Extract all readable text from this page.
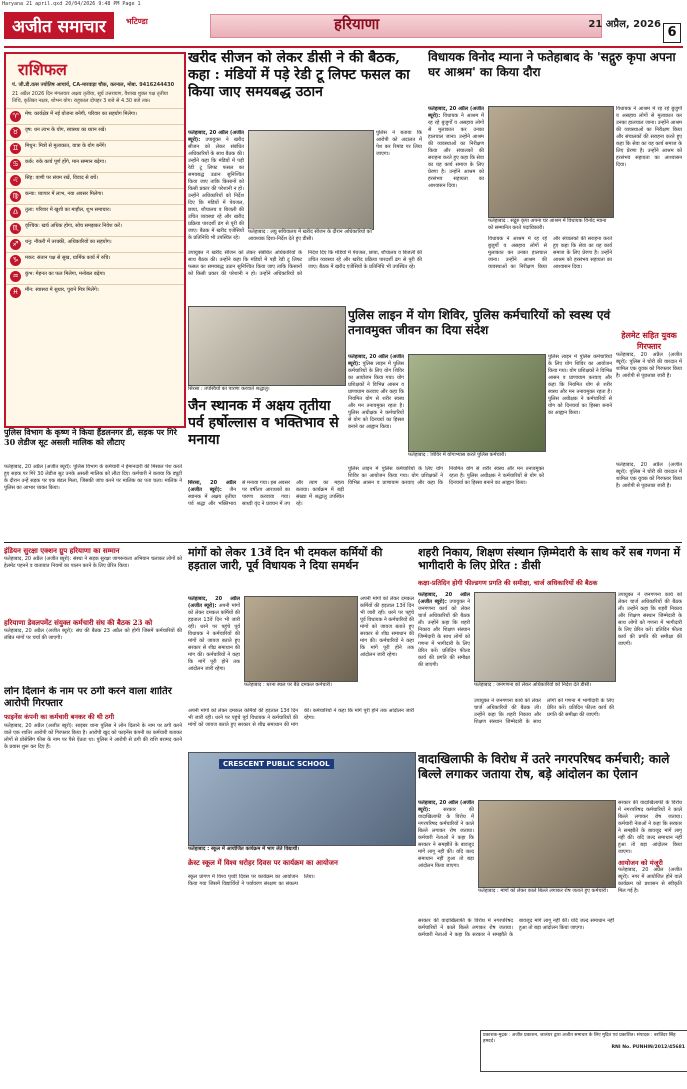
Haryana 21 april.qxd 20/04/2026 9:48 PM Page 1
अजीत समाचार	भटिण्डा	हरियाणा	21 अप्रैल, 2026
6
राशिफल
पं. जी.डी.वत्स ज्योतिष आचार्य, CA-मारवाड़ा चौक, करनाल, मोबा. 9416244430
21 अप्रैल 2026 दिन मंगलवार अक्षय तृतीया, सूर्य उत्तरायण, वैशाख शुक्ल पक्ष तृतीया तिथि, कृतिका नक्षत्र, शोभन योग। राहुकाल दोपहर 3 बजे से 4.30 बजे तक।
♈	मेष: कार्यक्षेत्र में नई योजना बनेगी, परिवार का सहयोग मिलेगा।
♉	वृष: धन लाभ के योग, स्वास्थ्य का ध्यान रखें।
♊	मिथुन: मित्रों से मुलाकात, यात्रा के योग बनेंगे।
♋	कर्क: रुके कार्य पूर्ण होंगे, मान सम्मान बढ़ेगा।
♌	सिंह: वाणी पर संयम रखें, विवाद से बचें।
♍	कन्या: व्यापार में लाभ, नया अवसर मिलेगा।
♎	तुला: परिवार में खुशी का माहौल, शुभ समाचार।
♏	वृश्चिक: खर्च अधिक होगा, सोच समझकर निवेश करें।
♐	धनु: नौकरी में तरक्की, अधिकारियों का सहयोग।
♑	मकर: संतान पक्ष से सुख, धार्मिक कार्य में रुचि।
♒	कुंभ: मेहनत का फल मिलेगा, मनोबल बढ़ेगा।
♓	मीन: स्वास्थ्य में सुधार, पुराने मित्र मिलेंगे।
खरीद सीजन को लेकर डीसी ने की बैठक, कहा : मंडियों में पड़े रेडी टू लिफ्ट फसल का किया जाए समयबद्ध उठान
फतेहाबाद, 20 अप्रैल (अजीत ब्यूरो): उपायुक्त ने खरीद सीजन को लेकर संबंधित अधिकारियों के साथ बैठक की। उन्होंने कहा कि मंडियों में पड़ी रेडी टू लिफ्ट फसल का समयबद्ध उठान सुनिश्चित किया जाए ताकि किसानों को किसी प्रकार की परेशानी न हो। उन्होंने अधिकारियों को निर्देश दिए कि मंडियों में पेयजल, छाया, शौचालय व बिजली की उचित व्यवस्था रहे और खरीद प्रक्रिया पारदर्शी ढंग से पूरी की जाए। बैठक में खरीद एजेंसियों के प्रतिनिधि भी उपस्थित रहे।
फतेहाबाद : लघु सचिवालय में खरीद सीजन के दौरान अधिकारियों को आवश्यक दिशा-निर्देश देते हुए डीसी।
उपायुक्त ने खरीद सीजन को लेकर संबंधित अधिकारियों के साथ बैठक की। उन्होंने कहा कि मंडियों में पड़ी रेडी टू लिफ्ट फसल का समयबद्ध उठान सुनिश्चित किया जाए ताकि किसानों को किसी प्रकार की परेशानी न हो। उन्होंने अधिकारियों को निर्देश दिए कि मंडियों में पेयजल, छाया, शौचालय व बिजली की उचित व्यवस्था रहे और खरीद प्रक्रिया पारदर्शी ढंग से पूरी की जाए। बैठक में खरीद एजेंसियों के प्रतिनिधि भी उपस्थित रहे।
पुलिस ने बताया कि आरोपी को अदालत में पेश कर रिमांड पर लिया जाएगा।
विधायक विनोद म्याना ने फतेहाबाद के 'सद्गुरु कृपा अपना घर आश्रम' का किया दौरा
फतेहाबाद, 20 अप्रैल (अजीत ब्यूरो): विधायक ने आश्रम में रह रहे बुजुर्गों व असहाय लोगों से मुलाकात कर उनका हालचाल जाना। उन्होंने आश्रम की व्यवस्थाओं का निरीक्षण किया और संचालकों की सराहना करते हुए कहा कि सेवा का यह कार्य समाज के लिए प्रेरणा है। उन्होंने आश्रम को हरसंभव सहायता का आश्वासन दिया।
फतेहाबाद : सद्गुरु कृपा अपना घर आश्रम में विधायक विनोद म्याना को सम्मानित करते पदाधिकारी।
विधायक ने आश्रम में रह रहे बुजुर्गों व असहाय लोगों से मुलाकात कर उनका हालचाल जाना। उन्होंने आश्रम की व्यवस्थाओं का निरीक्षण किया और संचालकों की सराहना करते हुए कहा कि सेवा का यह कार्य समाज के लिए प्रेरणा है। उन्होंने आश्रम को हरसंभव सहायता का आश्वासन दिया।
विधायक ने आश्रम में रह रहे बुजुर्गों व असहाय लोगों से मुलाकात कर उनका हालचाल जाना। उन्होंने आश्रम की व्यवस्थाओं का निरीक्षण किया और संचालकों की सराहना करते हुए कहा कि सेवा का यह कार्य समाज के लिए प्रेरणा है। उन्होंने आश्रम को हरसंभव सहायता का आश्वासन दिया।
हेलमेट सहित युवक गिरफ्तार
फतेहाबाद, 20 अप्रैल (अजीत ब्यूरो): पुलिस ने चोरी की वारदात में शामिल एक युवक को गिरफ्तार किया है। आरोपी से पूछताछ जारी है।
पुलिस लाइन में योग शिविर, पुलिस कर्मचारियों को स्वस्थ एवं तनावमुक्त जीवन का दिया संदेश
फतेहाबाद, 20 अप्रैल (अजीत ब्यूरो): पुलिस लाइन में पुलिस कर्मचारियों के लिए योग शिविर का आयोजन किया गया। योग प्रशिक्षकों ने विभिन्न आसन व प्राणायाम करवाए और कहा कि नियमित योग से शरीर स्वस्थ और मन तनावमुक्त रहता है। पुलिस अधीक्षक ने कर्मचारियों से योग को दिनचर्या का हिस्सा बनाने का आह्वान किया।
फतेहाबाद : शिविर में योगाभ्यास करते पुलिस कर्मचारी।
पुलिस लाइन में पुलिस कर्मचारियों के लिए योग शिविर का आयोजन किया गया। योग प्रशिक्षकों ने विभिन्न आसन व प्राणायाम करवाए और कहा कि नियमित योग से शरीर स्वस्थ और मन तनावमुक्त रहता है। पुलिस अधीक्षक ने कर्मचारियों से योग को दिनचर्या का हिस्सा बनाने का आह्वान किया।
पुलिस लाइन में पुलिस कर्मचारियों के लिए योग शिविर का आयोजन किया गया। योग प्रशिक्षकों ने विभिन्न आसन व प्राणायाम करवाए और कहा कि नियमित योग से शरीर स्वस्थ और मन तनावमुक्त रहता है। पुलिस अधीक्षक ने कर्मचारियों से योग को दिनचर्या का हिस्सा बनाने का आह्वान किया।
फतेहाबाद, 20 अप्रैल (अजीत ब्यूरो): पुलिस ने चोरी की वारदात में शामिल एक युवक को गिरफ्तार किया है। आरोपी से पूछताछ जारी है।
सिरसा : तपस्वियों का पारणा करवाते श्रद्धालु।
जैन स्थानक में अक्षय तृतीया पर्व हर्षोल्लास व भक्तिभाव से मनाया
सिरसा, 20 अप्रैल (अजीत ब्यूरो): जैन स्थानक में अक्षय तृतीया पर्व श्रद्धा और भक्तिभाव से मनाया गया। इस अवसर पर वर्षीतप आराधकों का पारणा करवाया गया। साध्वी वृंद ने प्रवचन में तप और त्याग का महत्व बताया। कार्यक्रम में बड़ी संख्या में श्रद्धालु उपस्थित रहे।
पुलिस विभाग के कृष्ण ने किया हैंडलनगर डी, सड़क पर गिरे 30 लेडीज सूट असली मालिक को लौटाए
फतेहाबाद, 20 अप्रैल (अजीत ब्यूरो): पुलिस विभाग के कर्मचारी ने ईमानदारी की मिसाल पेश करते हुए सड़क पर गिरे 30 लेडीज सूट उनके असली मालिक को लौटा दिए। कर्मचारी ने बताया कि ड्यूटी के दौरान उन्हें सड़क पर एक बंडल मिला, जिसकी जांच करने पर मालिक का पता चला। मालिक ने पुलिस का आभार व्यक्त किया।
इंडियन सुरक्षा एक्शन ग्रुप हरियाणा का सम्मान
फतेहाबाद, 20 अप्रैल (अजीत ब्यूरो): संस्था ने सड़क सुरक्षा जागरूकता अभियान चलाकर लोगों को हेलमेट पहनने व यातायात नियमों का पालन करने के लिए प्रेरित किया।
हरियाणा डेवलपमेंट संयुक्त कर्मचारी संघ की बैठक 23 को
फतेहाबाद, 20 अप्रैल (अजीत ब्यूरो): संघ की बैठक 23 अप्रैल को होगी जिसमें कर्मचारियों की लंबित मांगों पर चर्चा की जाएगी।
लोन दिलाने के नाम पर ठगी करने वाला शातिर आरोपी गिरफ्तार
फाइनेंस कंपनी का कर्मचारी बनकर की थी ठगी
फतेहाबाद, 20 अप्रैल (अजीत ब्यूरो): साइबर थाना पुलिस ने लोन दिलाने के नाम पर ठगी करने वाले एक शातिर आरोपी को गिरफ्तार किया है। आरोपी खुद को फाइनेंस कंपनी का कर्मचारी बताकर लोगों से प्रोसेसिंग फीस के नाम पर पैसे ऐंठता था। पुलिस ने आरोपी से ठगी की राशि बरामद करने के प्रयास शुरू कर दिए हैं।
मांगों को लेकर 13वें दिन भी दमकल कर्मियों की हड़ताल जारी, पूर्व विधायक ने दिया समर्थन
फतेहाबाद, 20 अप्रैल (अजीत ब्यूरो): अपनी मांगों को लेकर दमकल कर्मियों की हड़ताल 13वें दिन भी जारी रही। धरने पर पहुंचे पूर्व विधायक ने कर्मचारियों की मांगों को जायज बताते हुए सरकार से शीघ्र समाधान की मांग की। कर्मचारियों ने कहा कि मांगें पूरी होने तक आंदोलन जारी रहेगा।
फतेहाबाद : धरना स्थल पर बैठे दमकल कर्मचारी।
अपनी मांगों को लेकर दमकल कर्मियों की हड़ताल 13वें दिन भी जारी रही। धरने पर पहुंचे पूर्व विधायक ने कर्मचारियों की मांगों को जायज बताते हुए सरकार से शीघ्र समाधान की मांग की। कर्मचारियों ने कहा कि मांगें पूरी होने तक आंदोलन जारी रहेगा।
अपनी मांगों को लेकर दमकल कर्मियों की हड़ताल 13वें दिन भी जारी रही। धरने पर पहुंचे पूर्व विधायक ने कर्मचारियों की मांगों को जायज बताते हुए सरकार से शीघ्र समाधान की मांग की। कर्मचारियों ने कहा कि मांगें पूरी होने तक आंदोलन जारी रहेगा।
शहरी निकाय, शिक्षण संस्थान ज़िम्मेदारी के साथ करें सब गणना में भागीदारी के लिए प्रेरित : डीसी
कक्षा-प्रतिदिन होगी फील्डगण प्रगति की समीक्षा, चार्ज अधिकारियों की बैठक
फतेहाबाद, 20 अप्रैल (अजीत ब्यूरो): उपायुक्त ने जनगणना कार्य को लेकर चार्ज अधिकारियों की बैठक ली। उन्होंने कहा कि शहरी निकाय और शिक्षण संस्थान जिम्मेदारी के साथ लोगों को गणना में भागीदारी के लिए प्रेरित करें। प्रतिदिन फील्ड कार्य की प्रगति की समीक्षा की जाएगी।
फतेहाबाद : जनगणना को लेकर अधिकारियों को निर्देश देते डीसी।
उपायुक्त ने जनगणना कार्य को लेकर चार्ज अधिकारियों की बैठक ली। उन्होंने कहा कि शहरी निकाय और शिक्षण संस्थान जिम्मेदारी के साथ लोगों को गणना में भागीदारी के लिए प्रेरित करें। प्रतिदिन फील्ड कार्य की प्रगति की समीक्षा की जाएगी।
उपायुक्त ने जनगणना कार्य को लेकर चार्ज अधिकारियों की बैठक ली। उन्होंने कहा कि शहरी निकाय और शिक्षण संस्थान जिम्मेदारी के साथ लोगों को गणना में भागीदारी के लिए प्रेरित करें। प्रतिदिन फील्ड कार्य की प्रगति की समीक्षा की जाएगी।
CRESCENT PUBLIC SCHOOL
फतेहाबाद : स्कूल में आयोजित कार्यक्रम में भाग लेते विद्यार्थी।
क्रेस्ट स्कूल में विश्व धरोहर दिवस पर कार्यक्रम का आयोजन
स्कूल प्रांगण में विश्व पृथ्वी दिवस पर कार्यक्रम का आयोजन किया गया जिसमें विद्यार्थियों ने पर्यावरण संरक्षण का संकल्प लिया।
वादाखिलाफी के विरोध में उतरे नगरपरिषद कर्मचारी; काले बिल्ले लगाकर जताया रोष, बड़े आंदोलन का ऐलान
फतेहाबाद, 20 अप्रैल (अजीत ब्यूरो):	सरकार की वादाखिलाफी के विरोध में नगरपरिषद कर्मचारियों ने काले बिल्ले लगाकर रोष जताया। कर्मचारी नेताओं ने कहा कि सरकार ने समझौते के बावजूद मांगें लागू नहीं कीं। यदि जल्द समाधान नहीं हुआ तो बड़ा आंदोलन किया जाएगा।
फतेहाबाद : मांगों को लेकर काले बिल्ले लगाकर रोष जताते हुए कर्मचारी।
सरकार की वादाखिलाफी के विरोध में नगरपरिषद कर्मचारियों ने काले बिल्ले लगाकर रोष जताया। कर्मचारी नेताओं ने कहा कि सरकार ने समझौते के बावजूद मांगें लागू नहीं कीं। यदि जल्द समाधान नहीं हुआ तो बड़ा आंदोलन किया जाएगा।
सरकार की वादाखिलाफी के विरोध में नगरपरिषद कर्मचारियों ने काले बिल्ले लगाकर रोष जताया। कर्मचारी नेताओं ने कहा कि सरकार ने समझौते के बावजूद मांगें लागू नहीं कीं। यदि जल्द समाधान नहीं हुआ तो बड़ा आंदोलन किया जाएगा।
आयोजन को मंजूरी
फतेहाबाद, 20 अप्रैल (अजीत ब्यूरो): नगर में आयोजित होने वाले कार्यक्रम को प्रशासन से स्वीकृति मिल गई है।
प्रकाशक-मुद्रक : अजीत प्रकाशन, जालंधर द्वारा अजीत समाचार के लिए मुद्रित एवं प्रकाशित। संपादक : बरजिंदर सिंह हमदर्द।
RNI No. PUNHIN/2012/45681
